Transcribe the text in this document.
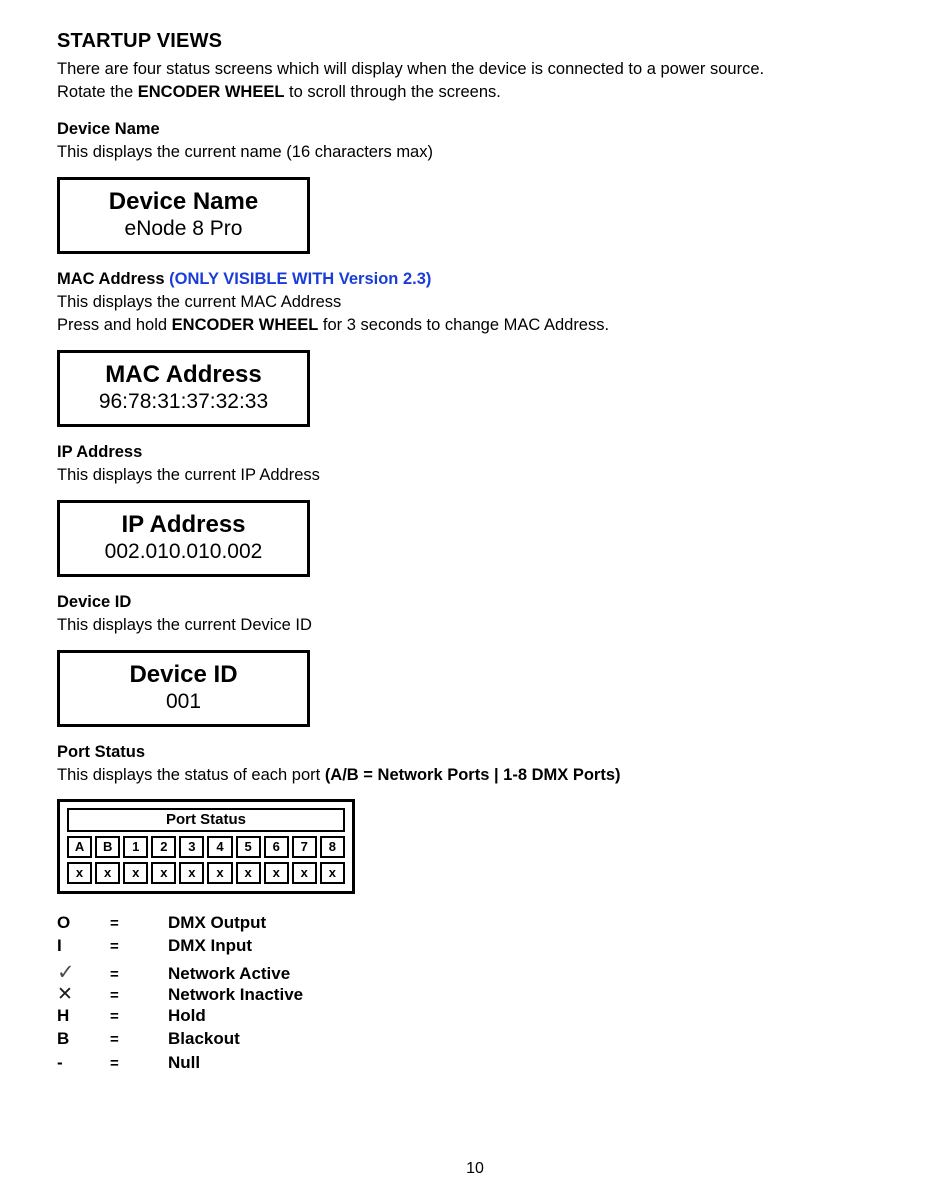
STARTUP VIEWS

There are four status screens which will display when the device is connected to a power source.
Rotate the ENCODER WHEEL to scroll through the screens.

Device Name

This displays the current name (16 characters max)

Device Name
eNode 8 Pro
MAC Address (ONLY VISIBLE WITH Version 2.3)

This displays the current MAC Address

Press and hold ENCODER WHEEL for 3 seconds to change MAC Address.

MAC Address
96:78:31:37:32:33
IP Address

This displays the current IP Address

IP Address
002.010.010.002
Device ID

This displays the current Device ID

Device ID
001
Port Status

This displays the status of each port (A/B = Network Ports | 1-8 DMX Ports)

Port Status
A	B	1	2	3	4	5	6	7	8
x	x	x	x	x	x	x	x	x	x
O	=	DMX Output
I	=	DMX Input
✓	=	Network Active
✕	=	Network Inactive
H	=	Hold
B	=	Blackout
-	=	Null
10
